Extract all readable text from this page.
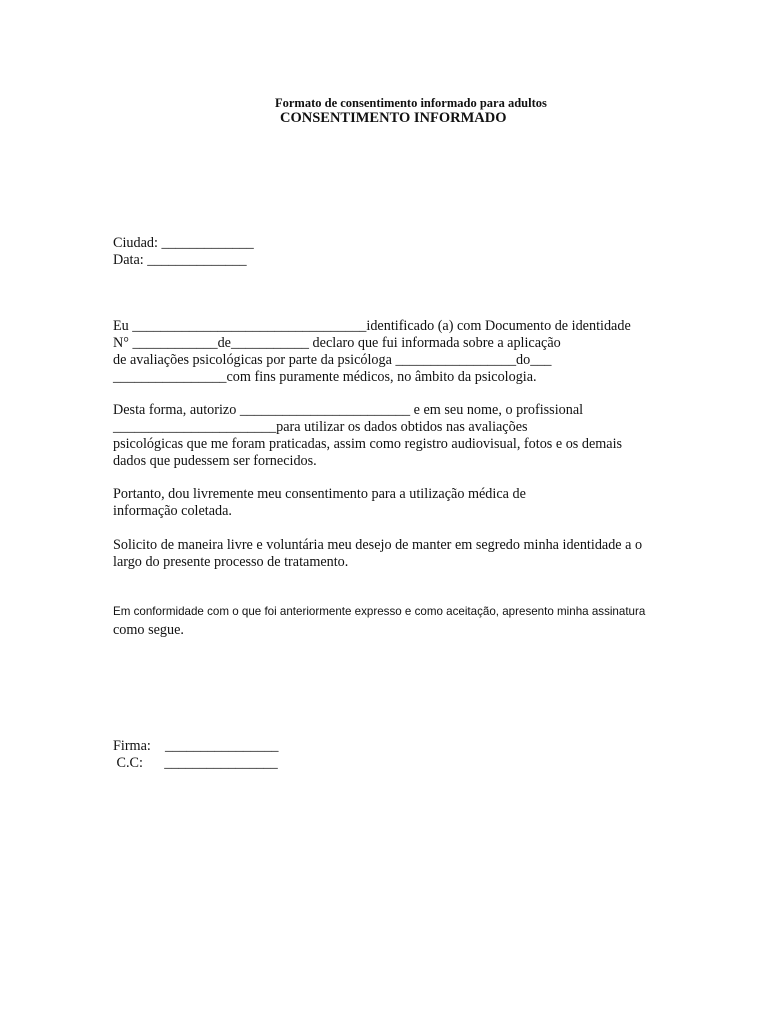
Formato de consentimento informado para adultos
CONSENTIMENTO INFORMADO
Ciudad: _____________
Data: ______________
Eu _________________________________identificado (a) com Documento de identidade
N° ____________de___________ declaro que fui informada sobre a aplicação
de avaliações psicológicas por parte da psicóloga _________________do___
________________com fins puramente médicos, no âmbito da psicologia.
Desta forma, autorizo ________________________ e em seu nome, o profissional
_______________________para utilizar os dados obtidos nas avaliações
psicológicas que me foram praticadas, assim como registro audiovisual, fotos e os demais
dados que pudessem ser fornecidos.
Portanto, dou livremente meu consentimento para a utilização médica de
informação coletada.
Solicito de maneira livre e voluntária meu desejo de manter em segredo minha identidade a o
largo do presente processo de tratamento.
Em conformidade com o que foi anteriormente expresso e como aceitação, apresento minha assinatura
como segue.
Firma:    ________________
C.C:      ________________
